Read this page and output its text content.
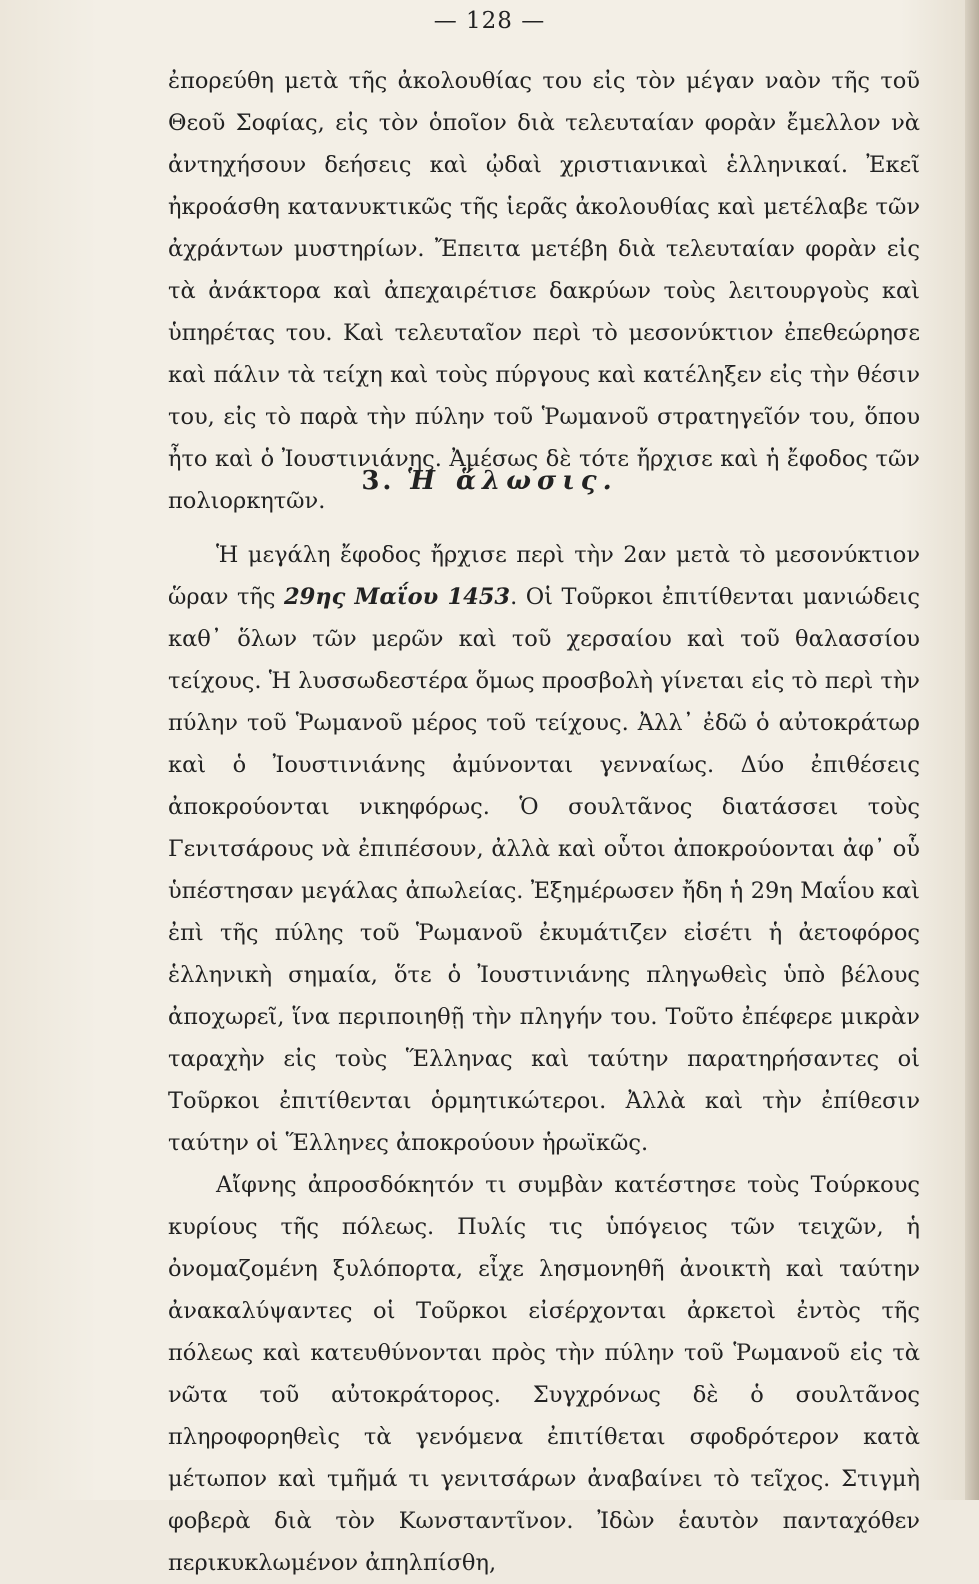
— 128 —

ἐπορεύθη μετὰ τῆς ἀκολουθίας του εἰς τὸν μέγαν ναὸν τῆς τοῦ Θεοῦ Σοφίας, εἰς τὸν ὁποῖον διὰ τελευταίαν φορὰν ἔμελλον νὰ ἀντηχήσουν δεήσεις καὶ ᾠδαὶ χριστιανικαὶ ἑλληνικαί. Ἐκεῖ ἠκροάσθη κατανυκτικῶς τῆς ἱερᾶς ἀκολουθίας καὶ μετέλαβε τῶν ἀχράντων μυστηρίων. Ἔπειτα μετέβη διὰ τελευταίαν φορὰν εἰς τὰ ἀνάκτορα καὶ ἀπεχαιρέτισε δακρύων τοὺς λειτουργοὺς καὶ ὑπηρέτας του. Καὶ τελευταῖον περὶ τὸ μεσονύκτιον ἐπεθεώρησε καὶ πάλιν τὰ τείχη καὶ τοὺς πύργους καὶ κατέληξεν εἰς τὴν θέσιν του, εἰς τὸ παρὰ τὴν πύλην τοῦ Ῥωμανοῦ στρατηγεῖόν του, ὅπου ἦτο καὶ ὁ Ἰουστινιάνης. Ἀμέσως δὲ τότε ἤρχισε καὶ ἡ ἔφοδος τῶν πολιορκητῶν.

3. Ἡ ἅλωσις.

Ἡ μεγάλη ἔφοδος ἤρχισε περὶ τὴν 2αν μετὰ τὸ μεσονύκτιον ὥραν τῆς 29ης Μαΐου 1453. Οἱ Τοῦρκοι ἐπιτίθενται μανιώδεις καθ᾽ ὅλων τῶν μερῶν καὶ τοῦ χερσαίου καὶ τοῦ θαλασσίου τείχους. Ἡ λυσσωδεστέρα ὅμως προσβολὴ γίνεται εἰς τὸ περὶ τὴν πύλην τοῦ Ῥωμανοῦ μέρος τοῦ τείχους. Ἀλλ᾽ ἐδῶ ὁ αὐτοκράτωρ καὶ ὁ Ἰουστινιάνης ἀμύνονται γενναίως. Δύο ἐπιθέσεις ἀποκρούονται νικηφόρως. Ὁ σουλτᾶνος διατάσσει τοὺς Γενιτσάρους νὰ ἐπιπέσουν, ἀλλὰ καὶ οὗτοι ἀποκρούονται ἀφ᾽ οὗ ὑπέστησαν μεγάλας ἀπωλείας. Ἐξημέρωσεν ἤδη ἡ 29η Μαΐου καὶ ἐπὶ τῆς πύλης τοῦ Ῥωμανοῦ ἐκυμάτιζεν εἰσέτι ἡ ἀετοφόρος ἑλληνικὴ σημαία, ὅτε ὁ Ἰουστινιάνης πληγωθεὶς ὑπὸ βέλους ἀποχωρεῖ, ἵνα περιποιηθῇ τὴν πληγήν του. Τοῦτο ἐπέφερε μικρὰν ταραχὴν εἰς τοὺς Ἕλληνας καὶ ταύτην παρατηρήσαντες οἱ Τοῦρκοι ἐπιτίθενται ὁρμητικώτεροι. Ἀλλὰ καὶ τὴν ἐπίθεσιν ταύτην οἱ Ἕλληνες ἀποκρούουν ἡρωϊκῶς.

Αἴφνης ἀπροσδόκητόν τι συμβὰν κατέστησε τοὺς Τούρκους κυρίους τῆς πόλεως. Πυλίς τις ὑπόγειος τῶν τειχῶν, ἡ ὀνομαζομένη ξυλόπορτα, εἶχε λησμονηθῆ ἀνοικτὴ καὶ ταύτην ἀνακαλύψαντες οἱ Τοῦρκοι εἰσέρχονται ἀρκετοὶ ἐντὸς τῆς πόλεως καὶ κατευθύνονται πρὸς τὴν πύλην τοῦ Ῥωμανοῦ εἰς τὰ νῶτα τοῦ αὐτοκράτορος. Συγχρόνως δὲ ὁ σουλτᾶνος πληροφορηθεὶς τὰ γενόμενα ἐπιτίθεται σφοδρότερον κατὰ μέτωπον καὶ τμῆμά τι γενιτσάρων ἀναβαίνει τὸ τεῖχος. Στιγμὴ φοβερὰ διὰ τὸν Κωνσταντῖνον. Ἰδὼν ἑαυτὸν πανταχόθεν περικυκλωμένον ἀπηλπίσθη,
